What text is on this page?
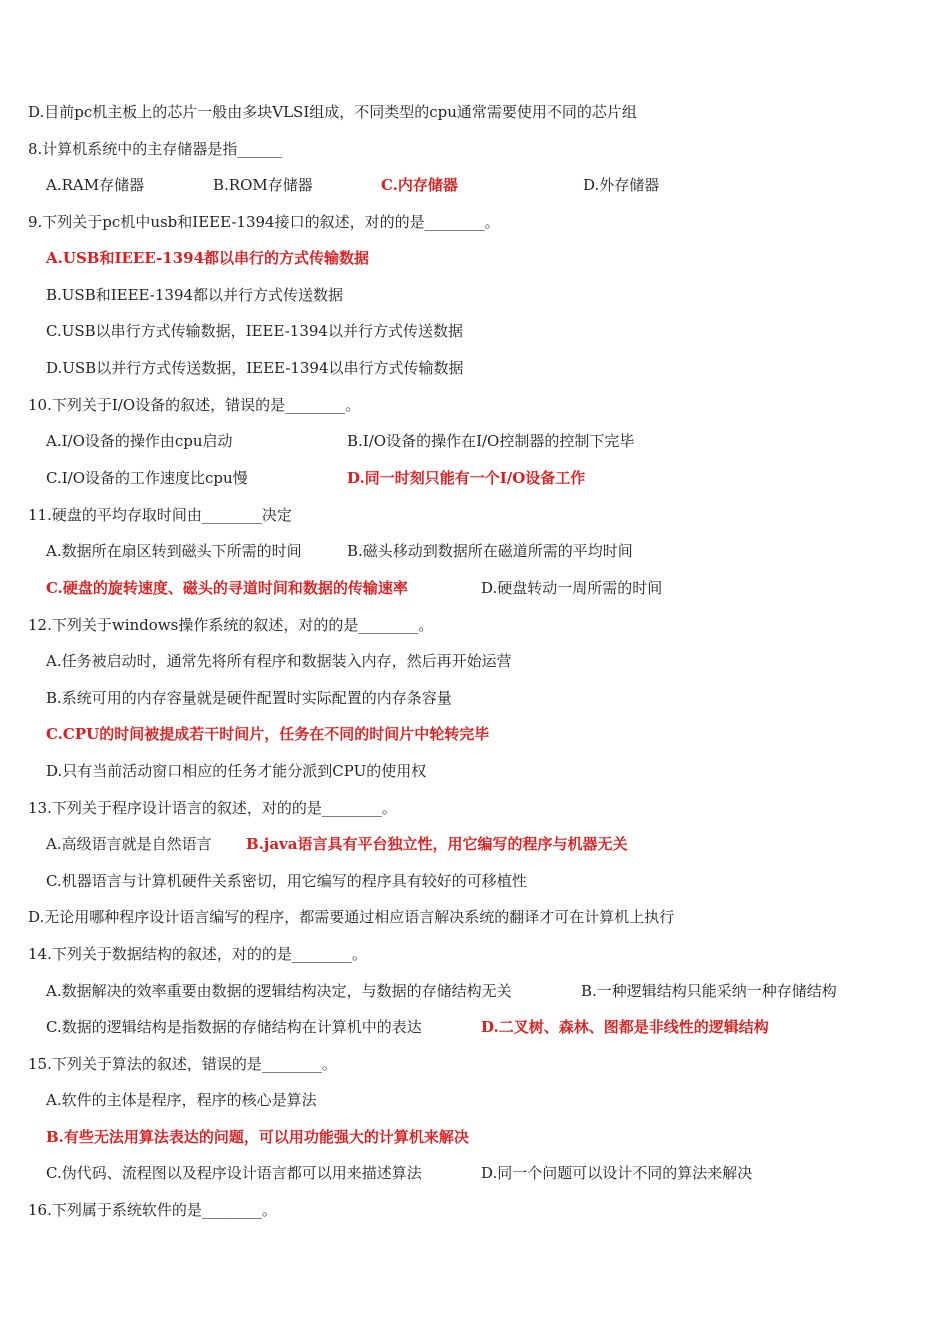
D.目前pc机主板上的芯片一般由多块VLSI组成，不同类型的cpu通常需要使用不同的芯片组
8.计算机系统中的主存储器是指______
A.RAM存储器	B.ROM存储器	C.内存储器	D.外存储器
9.下列关于pc机中usb和IEEE-1394接口的叙述，对的的是________。
A.USB和IEEE-1394都以串行的方式传输数据
B.USB和IEEE-1394都以并行方式传送数据
C.USB以串行方式传输数据，IEEE-1394以并行方式传送数据
D.USB以并行方式传送数据，IEEE-1394以串行方式传输数据
10.下列关于I/O设备的叙述，错误的是________。
A.I/O设备的操作由cpu启动	B.I/O设备的操作在I/O控制器的控制下完毕
C.I/O设备的工作速度比cpu慢	D.同一时刻只能有一个I/O设备工作
11.硬盘的平均存取时间由________决定
A.数据所在扇区转到磁头下所需的时间	B.磁头移动到数据所在磁道所需的平均时间
C.硬盘的旋转速度、磁头的寻道时间和数据的传输速率	D.硬盘转动一周所需的时间
12.下列关于windows操作系统的叙述，对的的是________。
A.任务被启动时，通常先将所有程序和数据装入内存，然后再开始运营
B.系统可用的内存容量就是硬件配置时实际配置的内存条容量
C.CPU的时间被提成若干时间片，任务在不同的时间片中轮转完毕
D.只有当前活动窗口相应的任务才能分派到CPU的使用权
13.下列关于程序设计语言的叙述，对的的是________。
A.高级语言就是自然语言 B.java语言具有平台独立性，用它编写的程序与机器无关
C.机器语言与计算机硬件关系密切，用它编写的程序具有较好的可移植性
D.无论用哪种程序设计语言编写的程序，都需要通过相应语言解决系统的翻译才可在计算机上执行
14.下列关于数据结构的叙述，对的的是________。
A.数据解决的效率重要由数据的逻辑结构决定，与数据的存储结构无关	B.一种逻辑结构只能采纳一种存储结构
C.数据的逻辑结构是指数据的存储结构在计算机中的表达	D.二叉树、森林、图都是非线性的逻辑结构
15.下列关于算法的叙述，错误的是________。
A.软件的主体是程序，程序的核心是算法
B.有些无法用算法表达的问题，可以用功能强大的计算机来解决
C.伪代码、流程图以及程序设计语言都可以用来描述算法	D.同一个问题可以设计不同的算法来解决
16.下列属于系统软件的是________。
